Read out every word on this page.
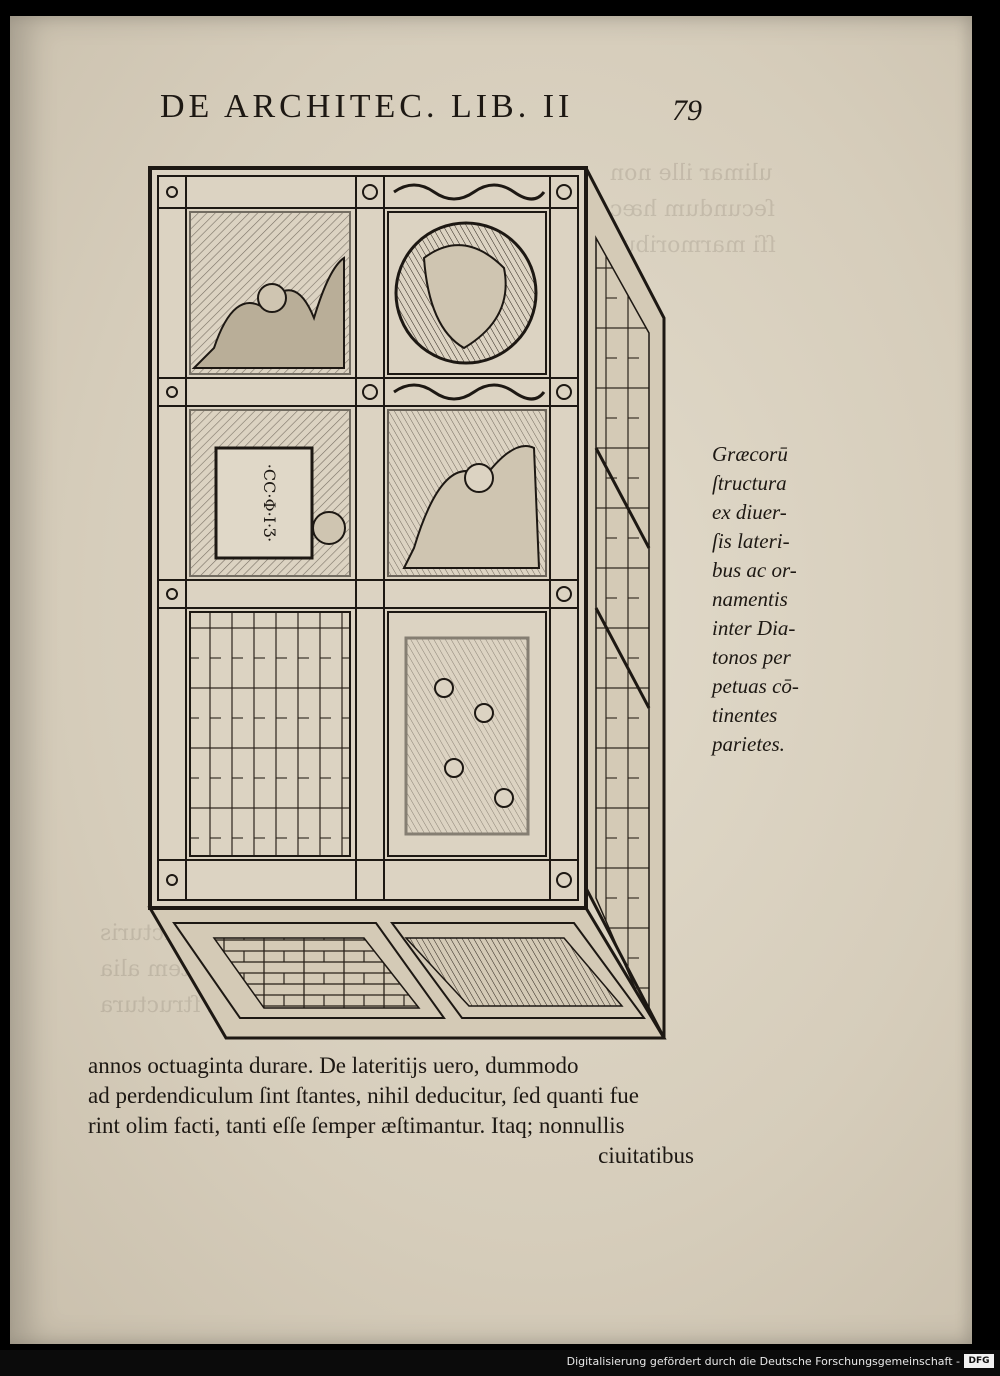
ulimar ille non
ſecundum hæc
ſſi marmoribus
ſtructuris
autem alia
coria ſtructura
DE ARCHITEC. LIB. II	79
·CC·Φ·I·Ʒ·
Græcorū
ſtructura
ex diuer-
ſis lateri-
bus ac or-
namentis
inter Dia-
tonos per
petuas cō-
tinentes
parietes.
annos octuaginta durare. De lateritijs uero, dummodo
ad perdendiculum ſint ſtantes, nihil deducitur, ſed quanti fue
rint olim facti, tanti eſſe ſemper æſtimantur. Itaq; nonnullis
ciuitatibus
Digitalisierung gefördert durch die Deutsche Forschungsgemeinschaft - DFG
